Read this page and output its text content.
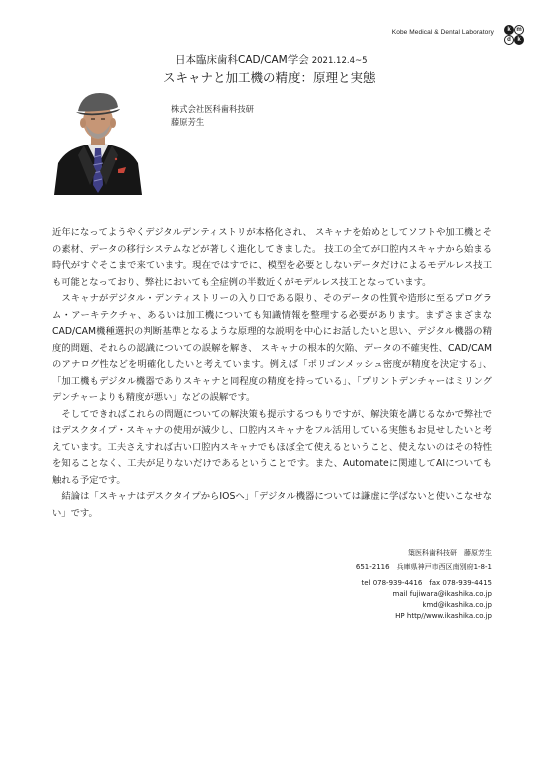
Kobe Medical & Dental Laboratory	k m
d	k
日本臨床歯科CAD/CAM学会 2021.12.4~5
スキャナと加工機の精度：原理と実態
株式会社医科歯科技研
藤原芳生

近年になってようやくデジタルデンティストリが本格化され、 スキャナを始めとしてソフトや加工機とその素材、データの移行システムなどが著しく進化してきました。 技工の全てが口腔内スキャナから始まる時代がすぐそこまで来ています。現在ではすでに、模型を必要としないデータだけによるモデルレス技工も可能となっており、弊社においても全症例の半数近くがモデルレス技工となっています。

　スキャナがデジタル・デンティストリーの入り口である限り、そのデータの性質や造形に至るプログラム・アーキテクチャ、あるいは加工機についても知識情報を整理する必要があります。まずさまざまなCAD/CAM機種選択の判断基準となるような原理的な説明を中心にお話したいと思い、デジタル機器の精度的問題、それらの認識についての誤解を解き、 スキャナの根本的欠陥、データの不確実性、CAD/CAMのアナログ性などを明確化したいと考えています。例えば「ポリゴンメッシュ密度が精度を決定する」、「加工機もデジタル機器でありスキャナと同程度の精度を持っている」、「プリントデンチャーはミリングデンチャーよりも精度が悪い」などの誤解です。

　そしてできればこれらの問題についての解決策も提示するつもりですが、解決策を講じるなかで弊社ではデスクタイプ・スキャナの使用が減少し、口腔内スキャナをフル活用している実態もお見せしたいと考えています。工夫さえすれば古い口腔内スキャナでもほぼ全て使えるということ、使えないのはその特性を知ることなく、工夫が足りないだけであるということです。また、Automateに関連してAIについても触れる予定です。

　結論は「スキャナはデスクタイプからIOSへ」「デジタル機器については謙虚に学ばないと使いこなせない」です。

𥱋医科歯科技研　藤原芳生
651-2116　兵庫県神戸市西区南別府1-8-1
tel 078-939-4416　fax 078-939-4415
mail fujiwara@ikashika.co.jp
kmd@ikashika.co.jp
HP http//www.ikashika.co.jp
